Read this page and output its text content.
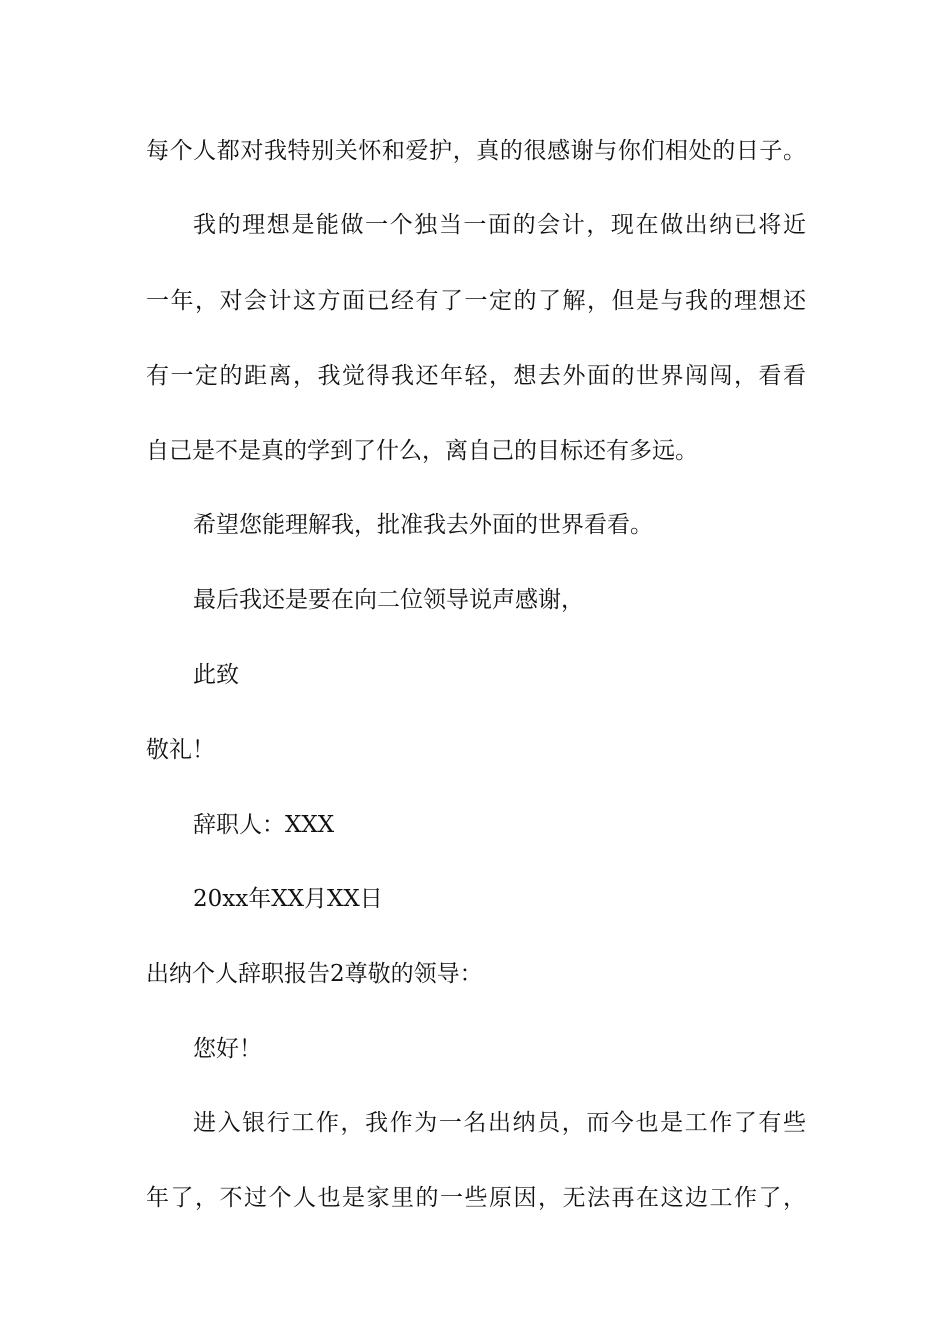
每个人都对我特别关怀和爱护，真的很感谢与你们相处的日子。
我的理想是能做一个独当一面的会计，现在做出纳已将近
一年，对会计这方面已经有了一定的了解，但是与我的理想还
有一定的距离，我觉得我还年轻，想去外面的世界闯闯，看看
自己是不是真的学到了什么，离自己的目标还有多远。
希望您能理解我，批准我去外面的世界看看。
最后我还是要在向二位领导说声感谢，
此致
敬礼！
辞职人：XXX
20xx年XX月XX日
出纳个人辞职报告2尊敬的领导：
您好！
进入银行工作，我作为一名出纳员，而今也是工作了有些
年了，不过个人也是家里的一些原因，无法再在这边工作了，
